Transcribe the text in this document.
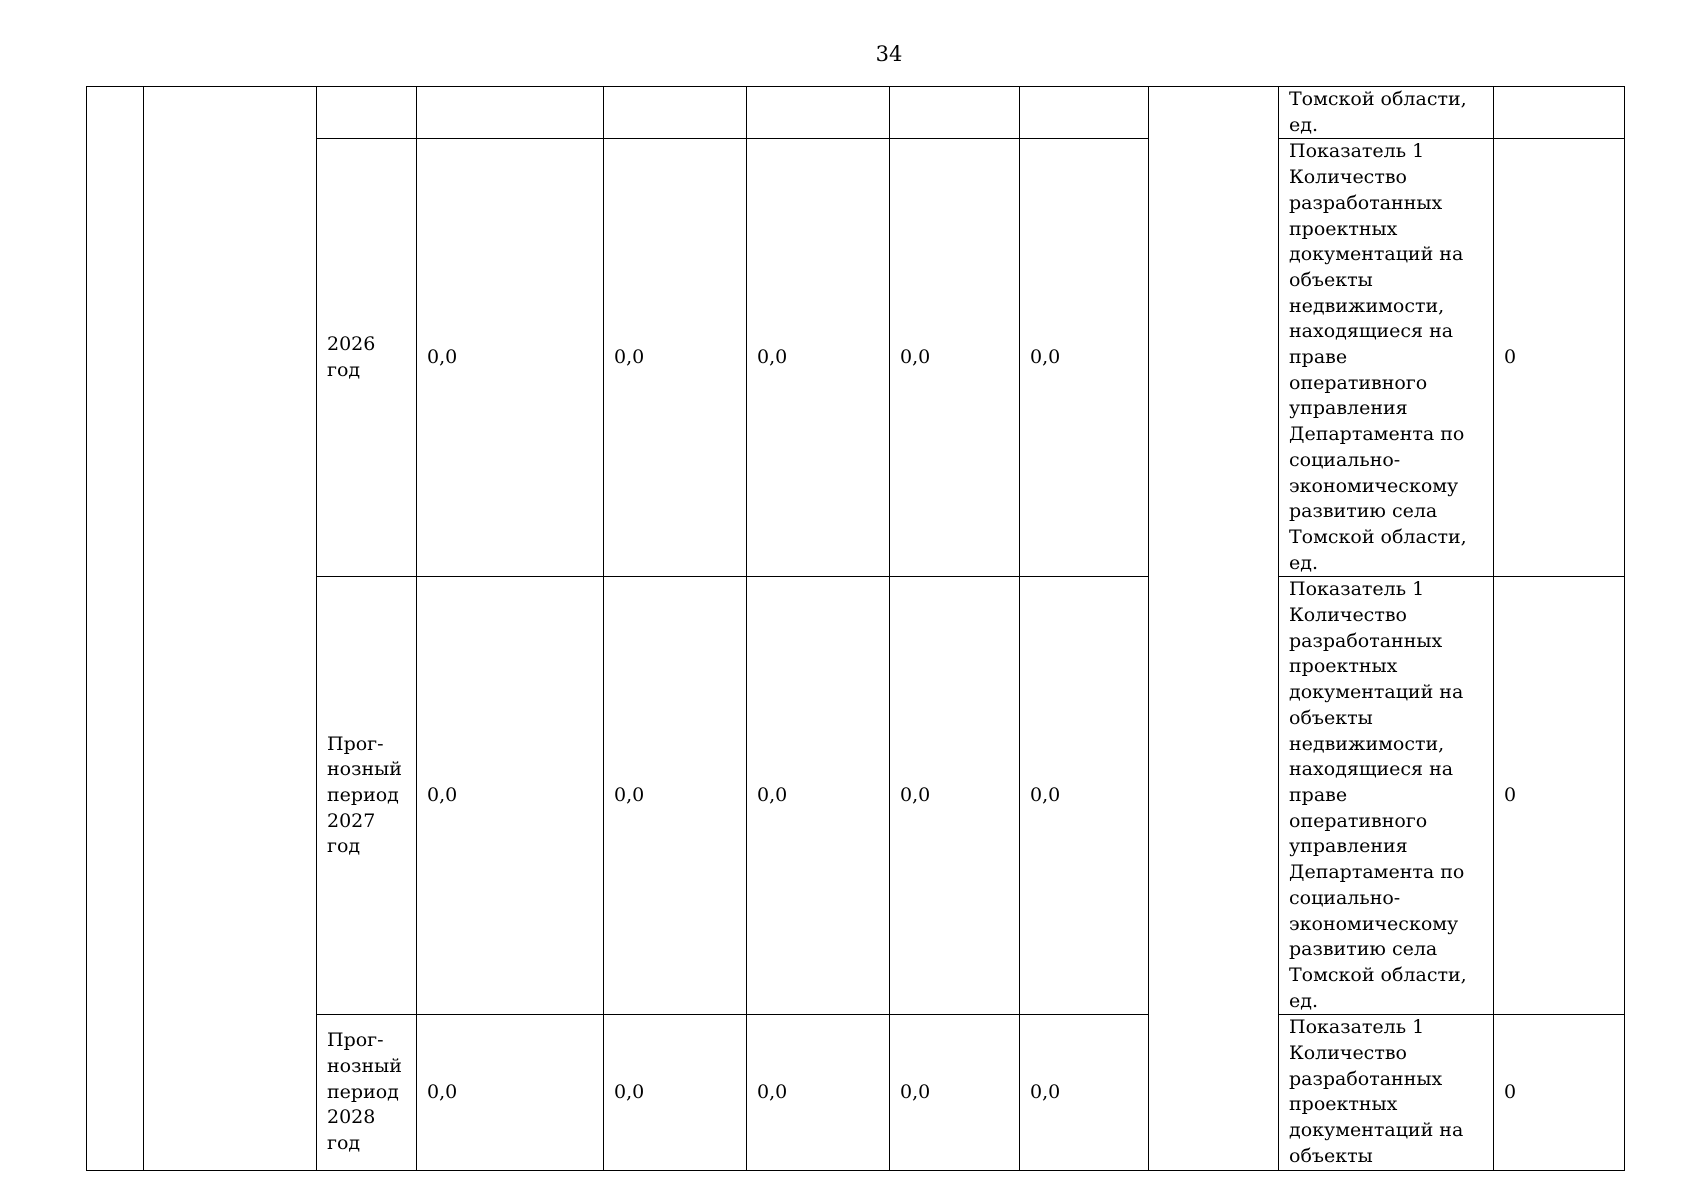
34
									Томской области, ед.	
		2026 год	0,0	0,0	0,0	0,0	0,0		Показатель 1 Количество разработанных проектных документаций на объекты недвижимости, находящиеся на праве оперативного управления Департамента по социально-экономическому развитию села Томской области, ед.	0
		Прог-нозный период 2027 год	0,0	0,0	0,0	0,0	0,0		Показатель 1 Количество разработанных проектных документаций на объекты недвижимости, находящиеся на праве оперативного управления Департамента по социально-экономическому развитию села Томской области, ед.	0
		Прог-нозный период 2028 год	0,0	0,0	0,0	0,0	0,0		Показатель 1 Количество разработанных проектных документаций на объекты	0
